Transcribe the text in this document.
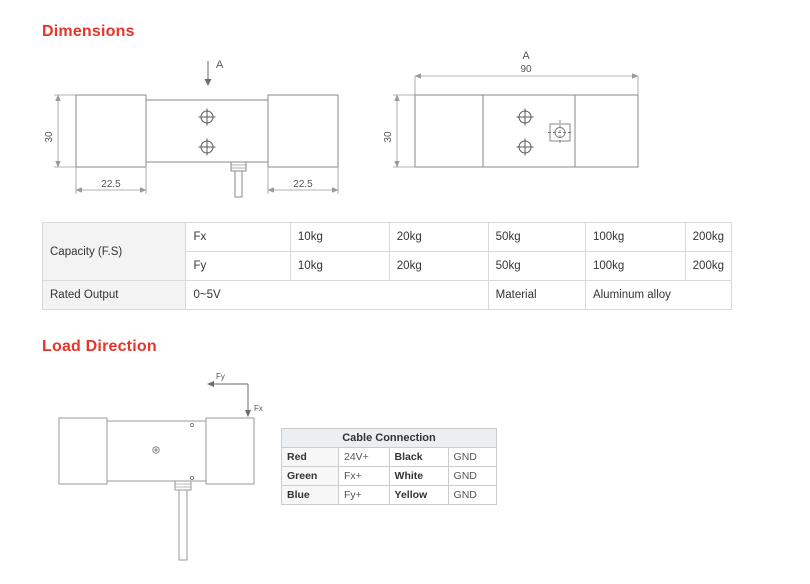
Dimensions
A
30
22.5	22.5
90
A
30
Capacity (F.S)	Fx	10kg	20kg	50kg	100kg	200kg
	Fy	10kg	20kg	50kg	100kg	200kg
Rated Output	0~5V			Material	Aluminum alloy	
Load Direction
Fy
Fx
Cable Connection			
Red	24V+	Black	GND
Green	Fx+	White	GND
Blue	Fy+	Yellow	GND
